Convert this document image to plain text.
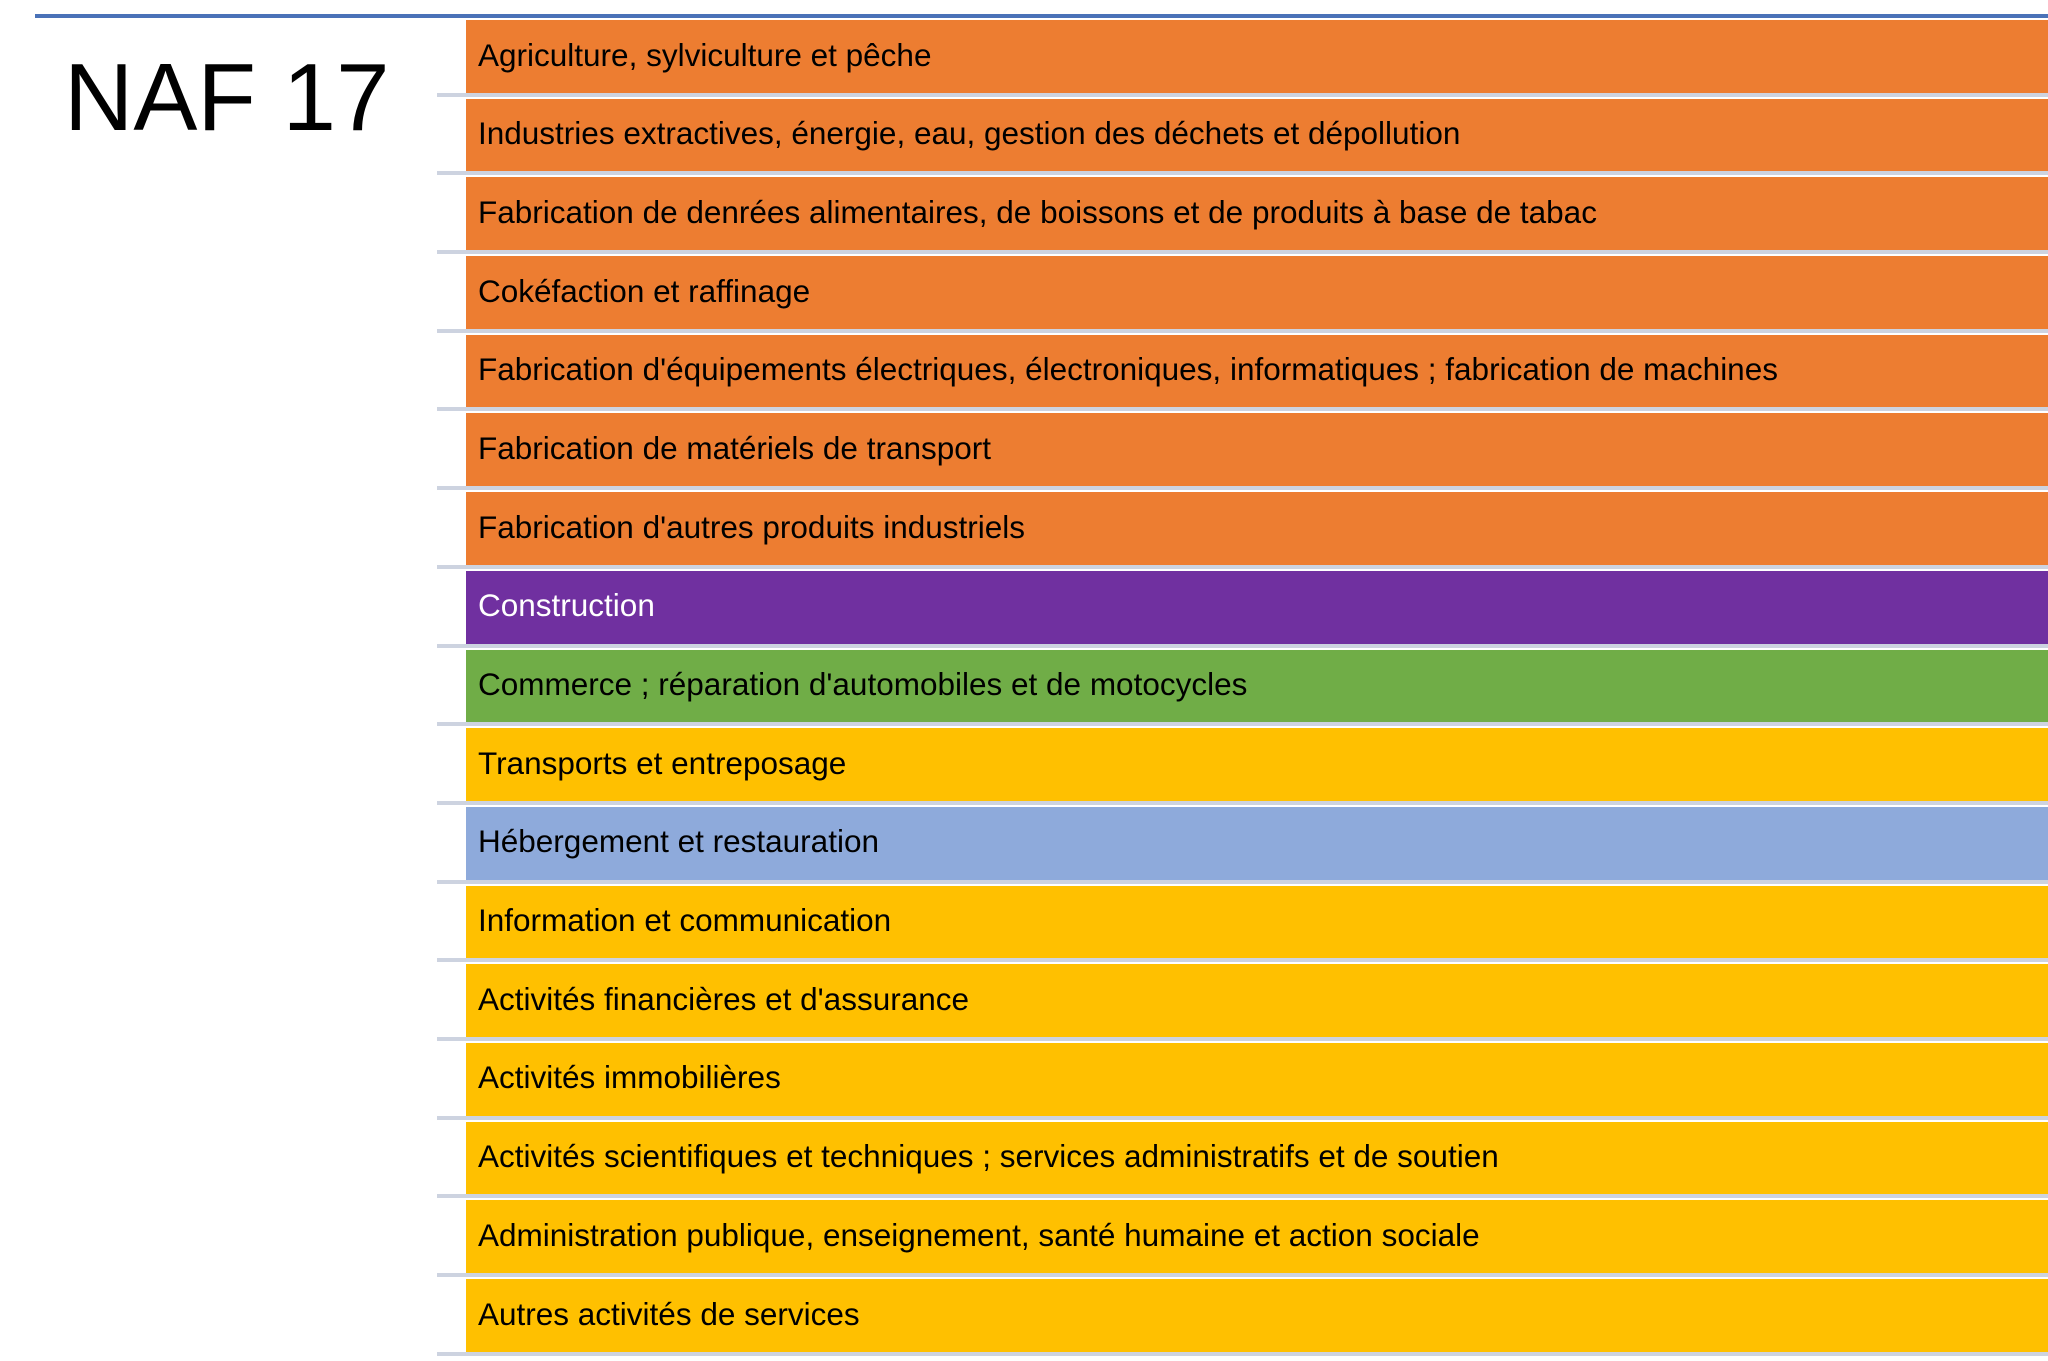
NAF 17	Agriculture, sylviculture et pêche
Industries extractives, énergie, eau, gestion des déchets et dépollution
Fabrication de denrées alimentaires, de boissons et de produits à base de tabac
Cokéfaction et raffinage
Fabrication d'équipements électriques, électroniques, informatiques ; fabrication de machines
Fabrication de matériels de transport
Fabrication d'autres produits industriels
Construction
Commerce ; réparation d'automobiles et de motocycles
Transports et entreposage
Hébergement et restauration
Information et communication
Activités financières et d'assurance
Activités immobilières
Activités scientifiques et techniques ; services administratifs et de soutien
Administration publique, enseignement, santé humaine et action sociale
Autres activités de services
